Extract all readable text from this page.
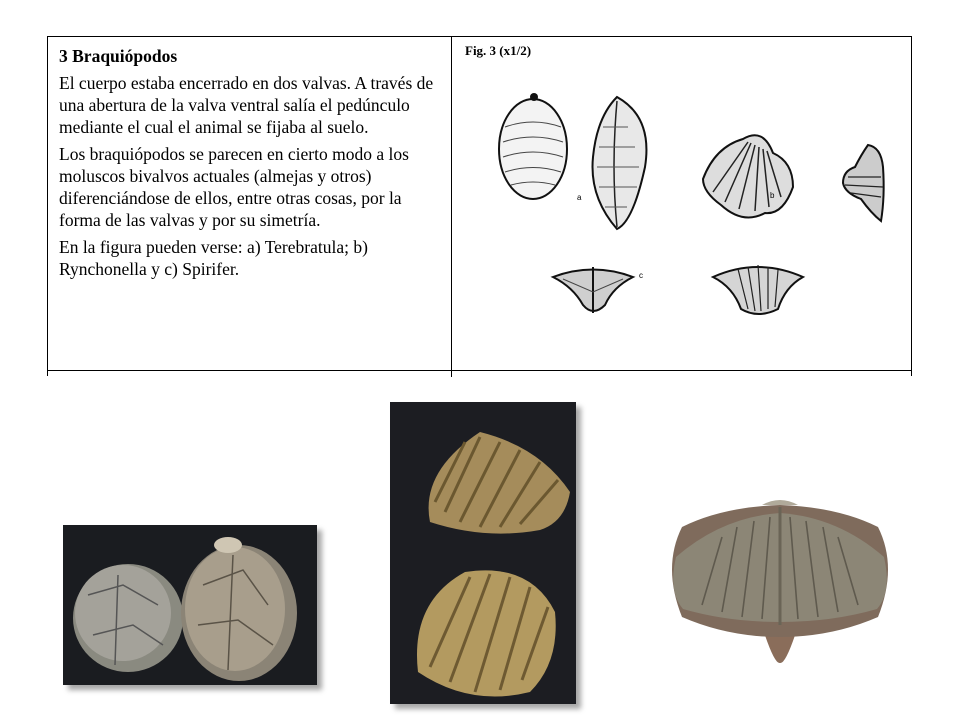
3 Braquiópodos

El cuerpo estaba encerrado en dos valvas. A través de una abertura de la valva ventral salía el pedúnculo mediante el cual el animal se fijaba al suelo.

Los braquiópodos se parecen en cierto modo a los moluscos bivalvos actuales (almejas y otros) diferenciándose de ellos, entre otras cosas, por la forma de las valvas y por su simetría.

En la figura pueden verse: a) Terebratula; b) Rynchonella y c) Spirifer.

Fig. 3 (x1/2)
a	b
c
